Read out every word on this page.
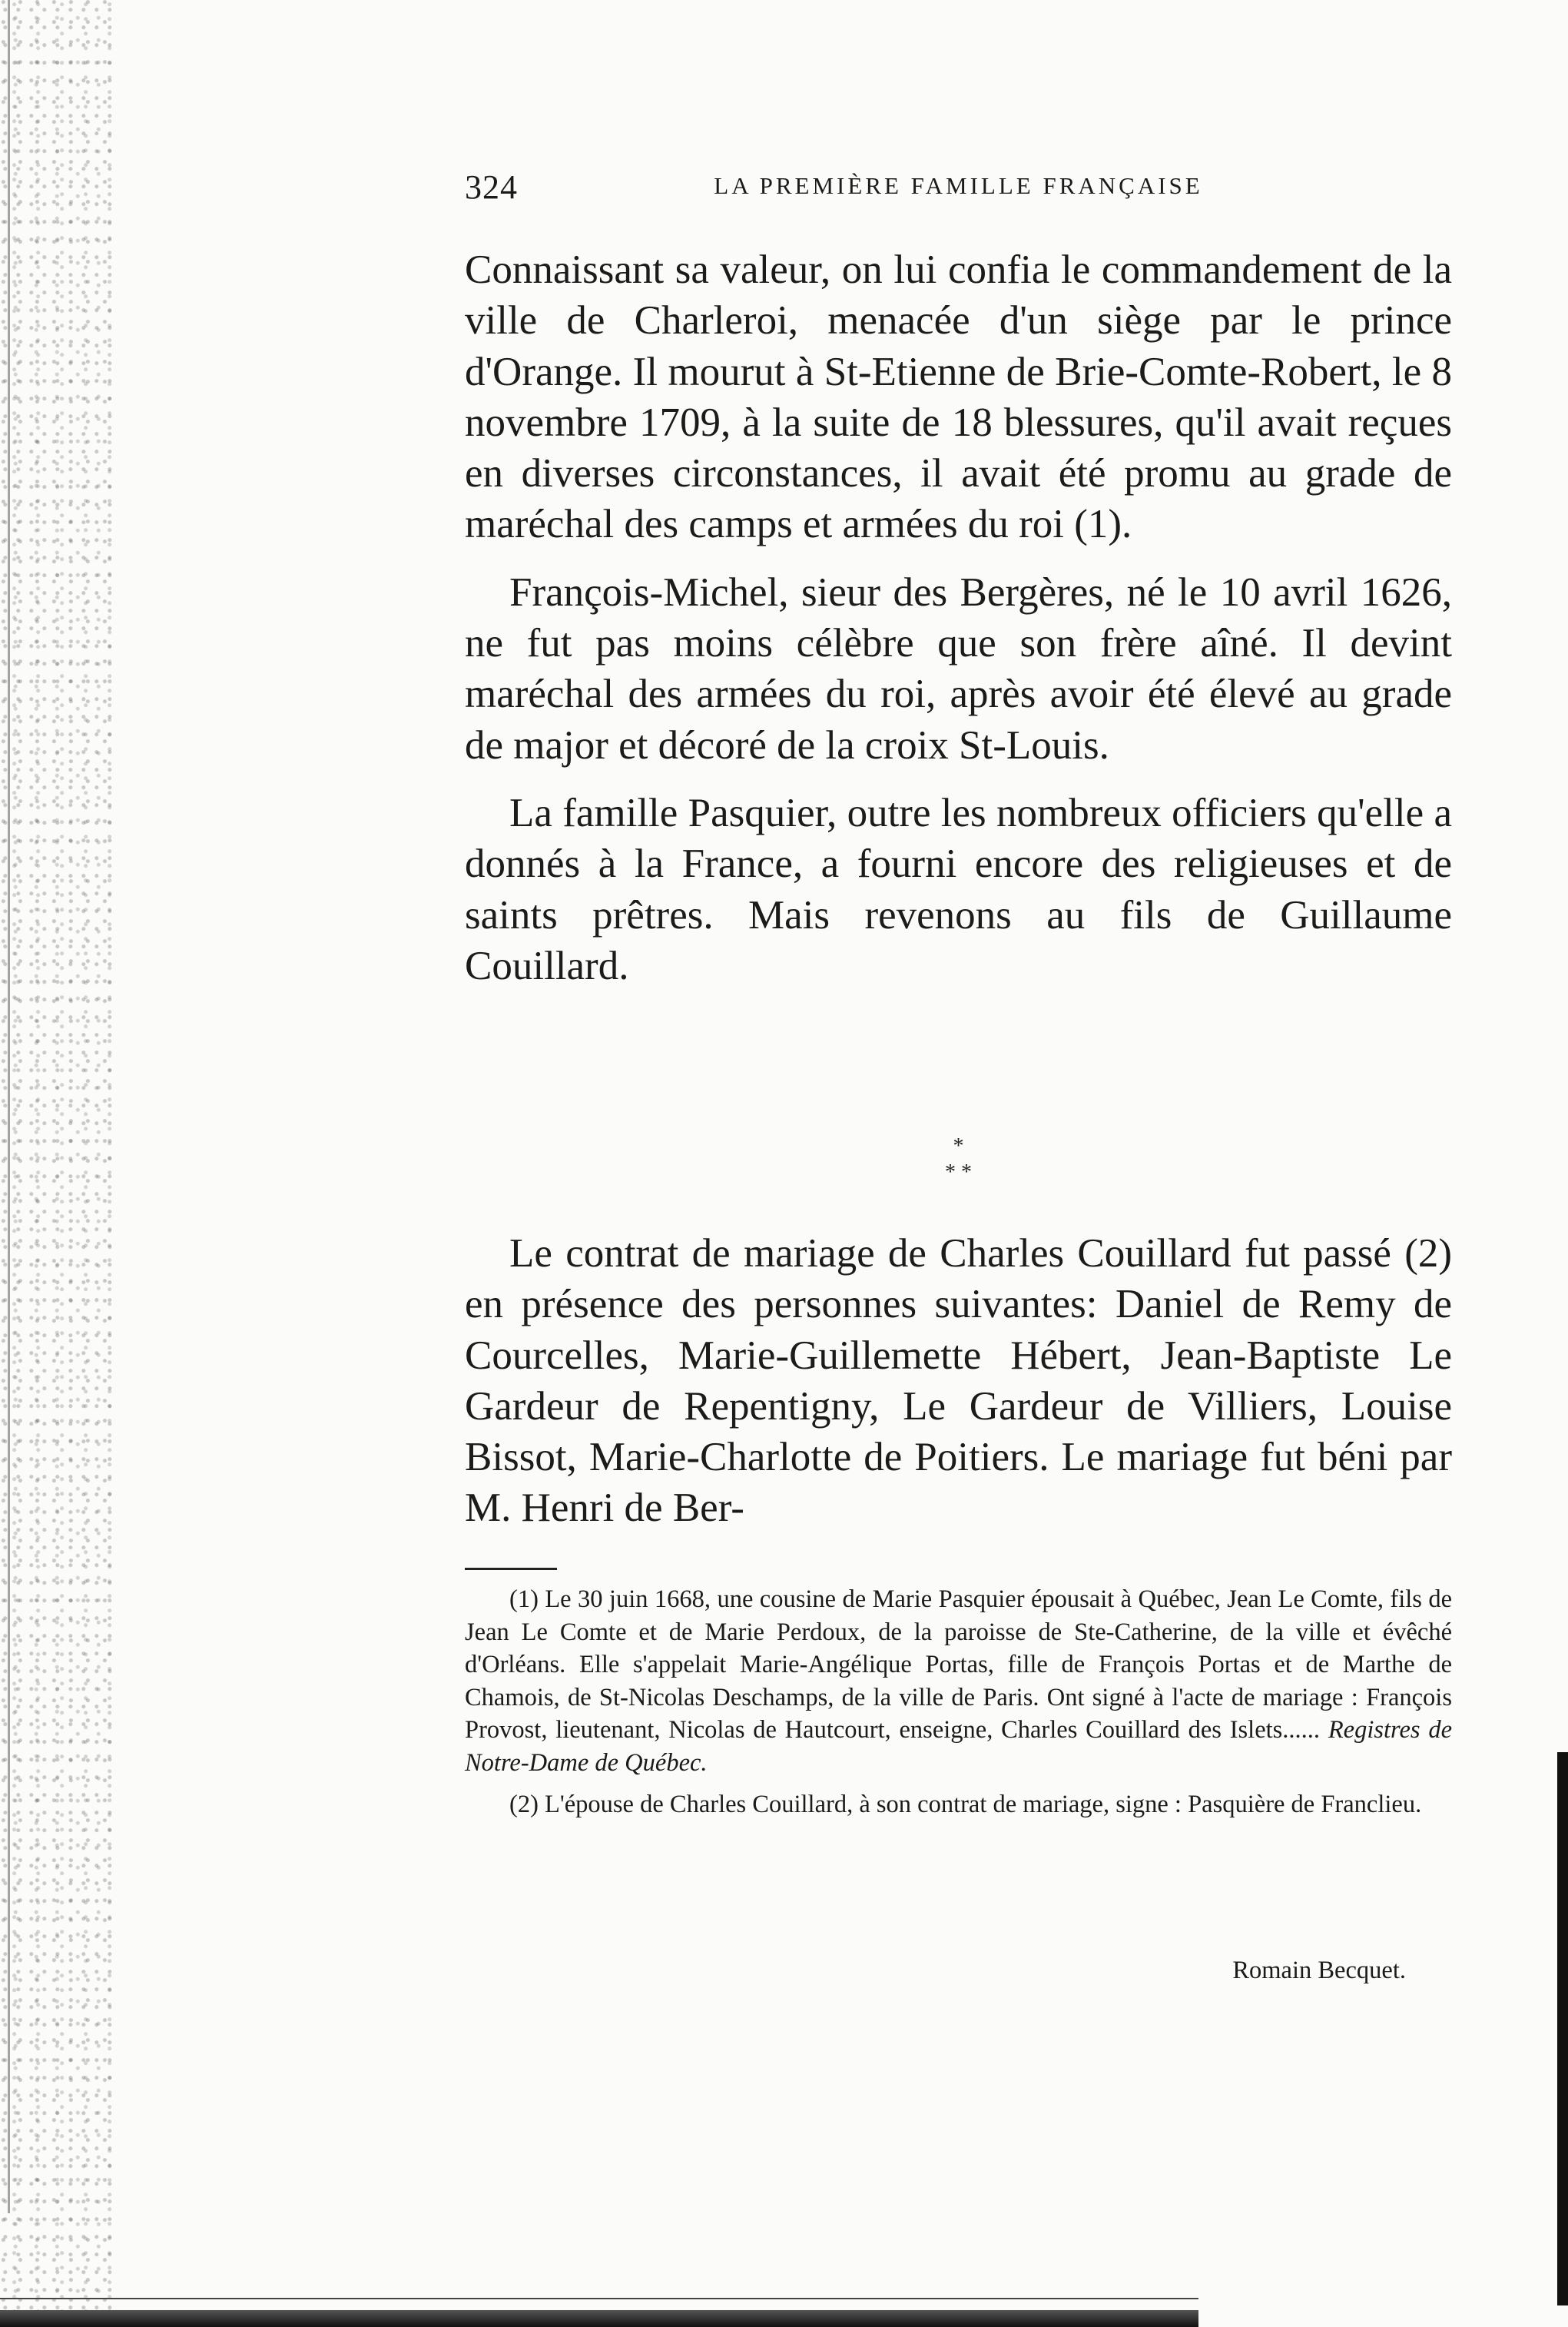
324	LA PREMIÈRE FAMILLE FRANÇAISE

Connaissant sa valeur, on lui confia le commandement de la ville de Charleroi, menacée d'un siège par le prince d'Orange. Il mourut à St-Etienne de Brie-Comte-Robert, le 8 novembre 1709, à la suite de 18 blessures, qu'il avait reçues en diverses circonstances, il avait été promu au grade de maréchal des camps et armées du roi (1).

François-Michel, sieur des Bergères, né le 10 avril 1626, ne fut pas moins célèbre que son frère aîné. Il devint maréchal des armées du roi, après avoir été élevé au grade de major et décoré de la croix St-Louis.

La famille Pasquier, outre les nombreux officiers qu'elle a donnés à la France, a fourni encore des religieuses et de saints prêtres. Mais revenons au fils de Guillaume Couillard.

*
* *

Le contrat de mariage de Charles Couillard fut passé (2) en présence des personnes suivantes: Daniel de Remy de Courcelles, Marie-Guillemette Hébert, Jean-Baptiste Le Gardeur de Repentigny, Le Gardeur de Villiers, Louise Bissot, Marie-Charlotte de Poitiers. Le mariage fut béni par M. Henri de Ber-

(1) Le 30 juin 1668, une cousine de Marie Pasquier épousait à Québec, Jean Le Comte, fils de Jean Le Comte et de Marie Perdoux, de la paroisse de Ste-Catherine, de la ville et évêché d'Orléans. Elle s'appelait Marie-Angélique Portas, fille de François Portas et de Marthe de Chamois, de St-Nicolas Deschamps, de la ville de Paris. Ont signé à l'acte de mariage : François Provost, lieutenant, Nicolas de Hautcourt, enseigne, Charles Couillard des Islets...... Registres de Notre-Dame de Québec.

(2) L'épouse de Charles Couillard, à son contrat de mariage, signe : Pasquière de Franclieu.

Romain Becquet.
